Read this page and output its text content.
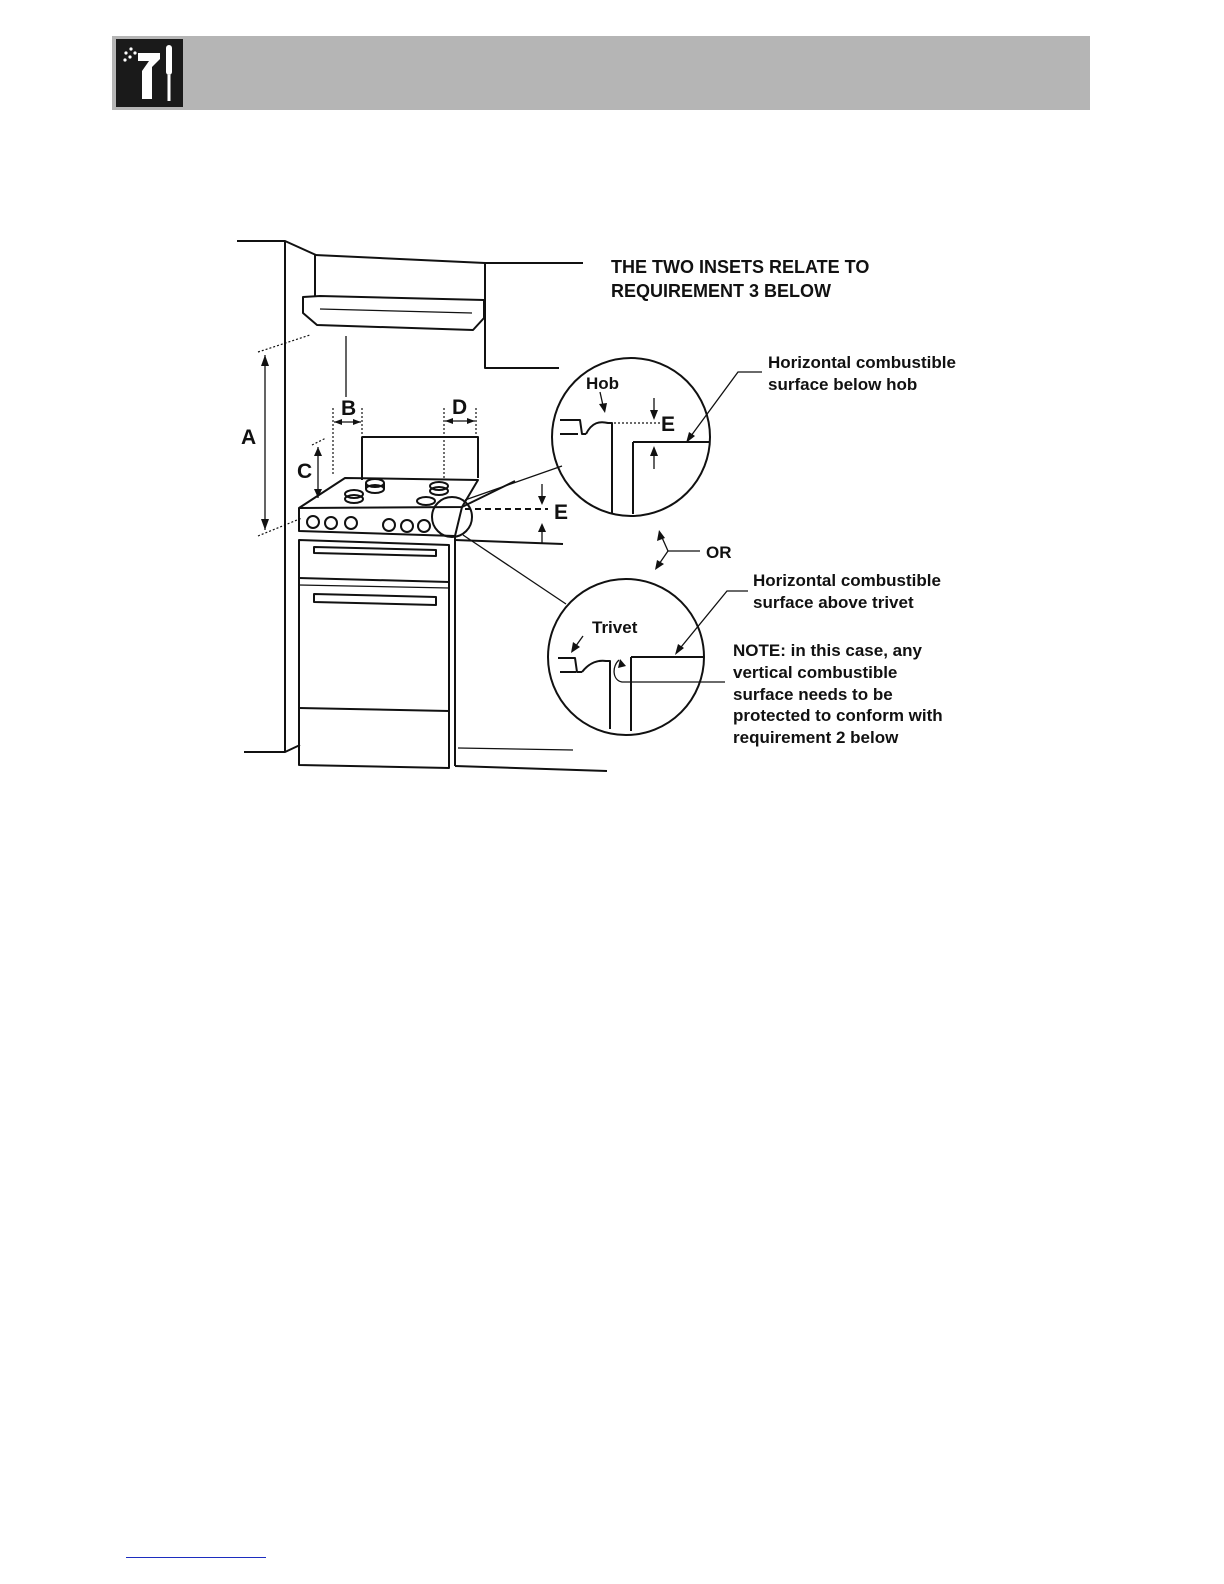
A
B
C
D
E
THE TWO INSETS RELATE TO
REQUIREMENT 3 BELOW
Hob
E
Horizontal combustible
surface below hob
OR
Trivet
Horizontal combustible
surface above trivet
NOTE: in this case, any
vertical combustible
surface needs to be
protected to conform with
requirement 2 below
